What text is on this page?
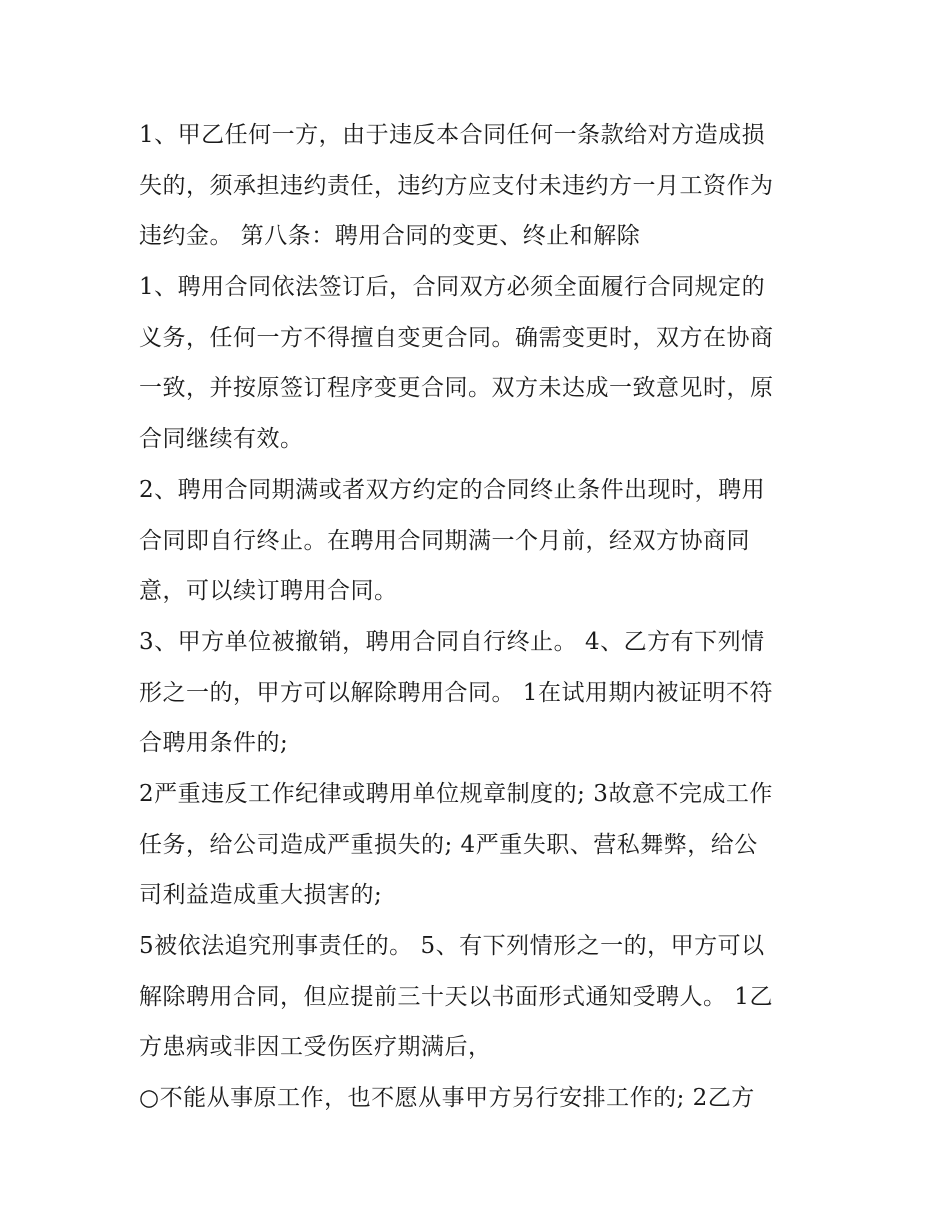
1、甲乙任何一方，由于违反本合同任何一条款给对方造成损
失的，须承担违约责任，违约方应支付未违约方一月工资作为
违约金。 第八条：聘用合同的变更、终止和解除
1、聘用合同依法签订后，合同双方必须全面履行合同规定的
义务，任何一方不得擅自变更合同。确需变更时，双方在协商
一致，并按原签订程序变更合同。双方未达成一致意见时，原
合同继续有效。
2、聘用合同期满或者双方约定的合同终止条件出现时，聘用
合同即自行终止。在聘用合同期满一个月前，经双方协商同
意，可以续订聘用合同。
3、甲方单位被撤销，聘用合同自行终止。 4、乙方有下列情
形之一的，甲方可以解除聘用合同。 1在试用期内被证明不符
合聘用条件的;
2严重违反工作纪律或聘用单位规章制度的; 3故意不完成工作
任务，给公司造成严重损失的; 4严重失职、营私舞弊，给公
司利益造成重大损害的;
5被依法追究刑事责任的。 5、有下列情形之一的，甲方可以
解除聘用合同，但应提前三十天以书面形式通知受聘人。 1乙
方患病或非因工受伤医疗期满后，
○不能从事原工作，也不愿从事甲方另行安排工作的; 2乙方
